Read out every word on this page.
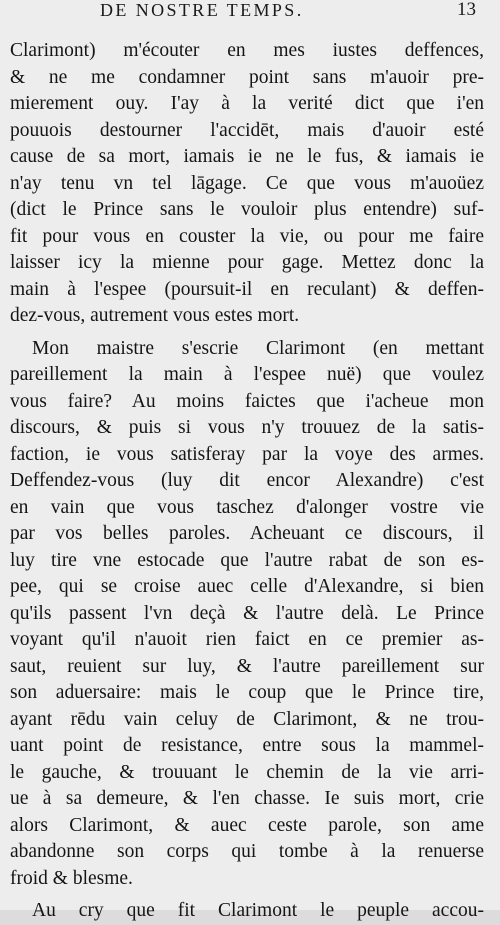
DE NOSTRE TEMPS.	13
Clarimont) m'écouter en mes iustes deffences,
& ne me condamner point sans m'auoir pre-
mierement ouy. I'ay à la verité dict que i'en
pouuois destourner l'accidēt, mais d'auoir esté
cause de sa mort, iamais ie ne le fus, & iamais ie
n'ay tenu vn tel lāgage. Ce que vous m'auoüez
(dict le Prince sans le vouloir plus entendre) suf-
fit pour vous en couster la vie, ou pour me faire
laisser icy la mienne pour gage. Mettez donc la
main à l'espee (poursuit-il en reculant) & deffen-
dez-vous, autrement vous estes mort.
Mon maistre s'escrie Clarimont (en mettant
pareillement la main à l'espee nuë) que voulez
vous faire? Au moins faictes que i'acheue mon
discours, & puis si vous n'y trouuez de la satis-
faction, ie vous satisferay par la voye des armes.
Deffendez-vous (luy dit encor Alexandre) c'est
en vain que vous taschez d'alonger vostre vie
par vos belles paroles. Acheuant ce discours, il
luy tire vne estocade que l'autre rabat de son es-
pee, qui se croise auec celle d'Alexandre, si bien
qu'ils passent l'vn deçà & l'autre delà. Le Prince
voyant qu'il n'auoit rien faict en ce premier as-
saut, reuient sur luy, & l'autre pareillement sur
son aduersaire: mais le coup que le Prince tire,
ayant rēdu vain celuy de Clarimont, & ne trou-
uant point de resistance, entre sous la mammel-
le gauche, & trouuant le chemin de la vie arri-
ue à sa demeure, & l'en chasse. Ie suis mort, crie
alors Clarimont, & auec ceste parole, son ame
abandonne son corps qui tombe à la renuerse
froid & blesme.
Au cry que fit Clarimont le peuple accou-
